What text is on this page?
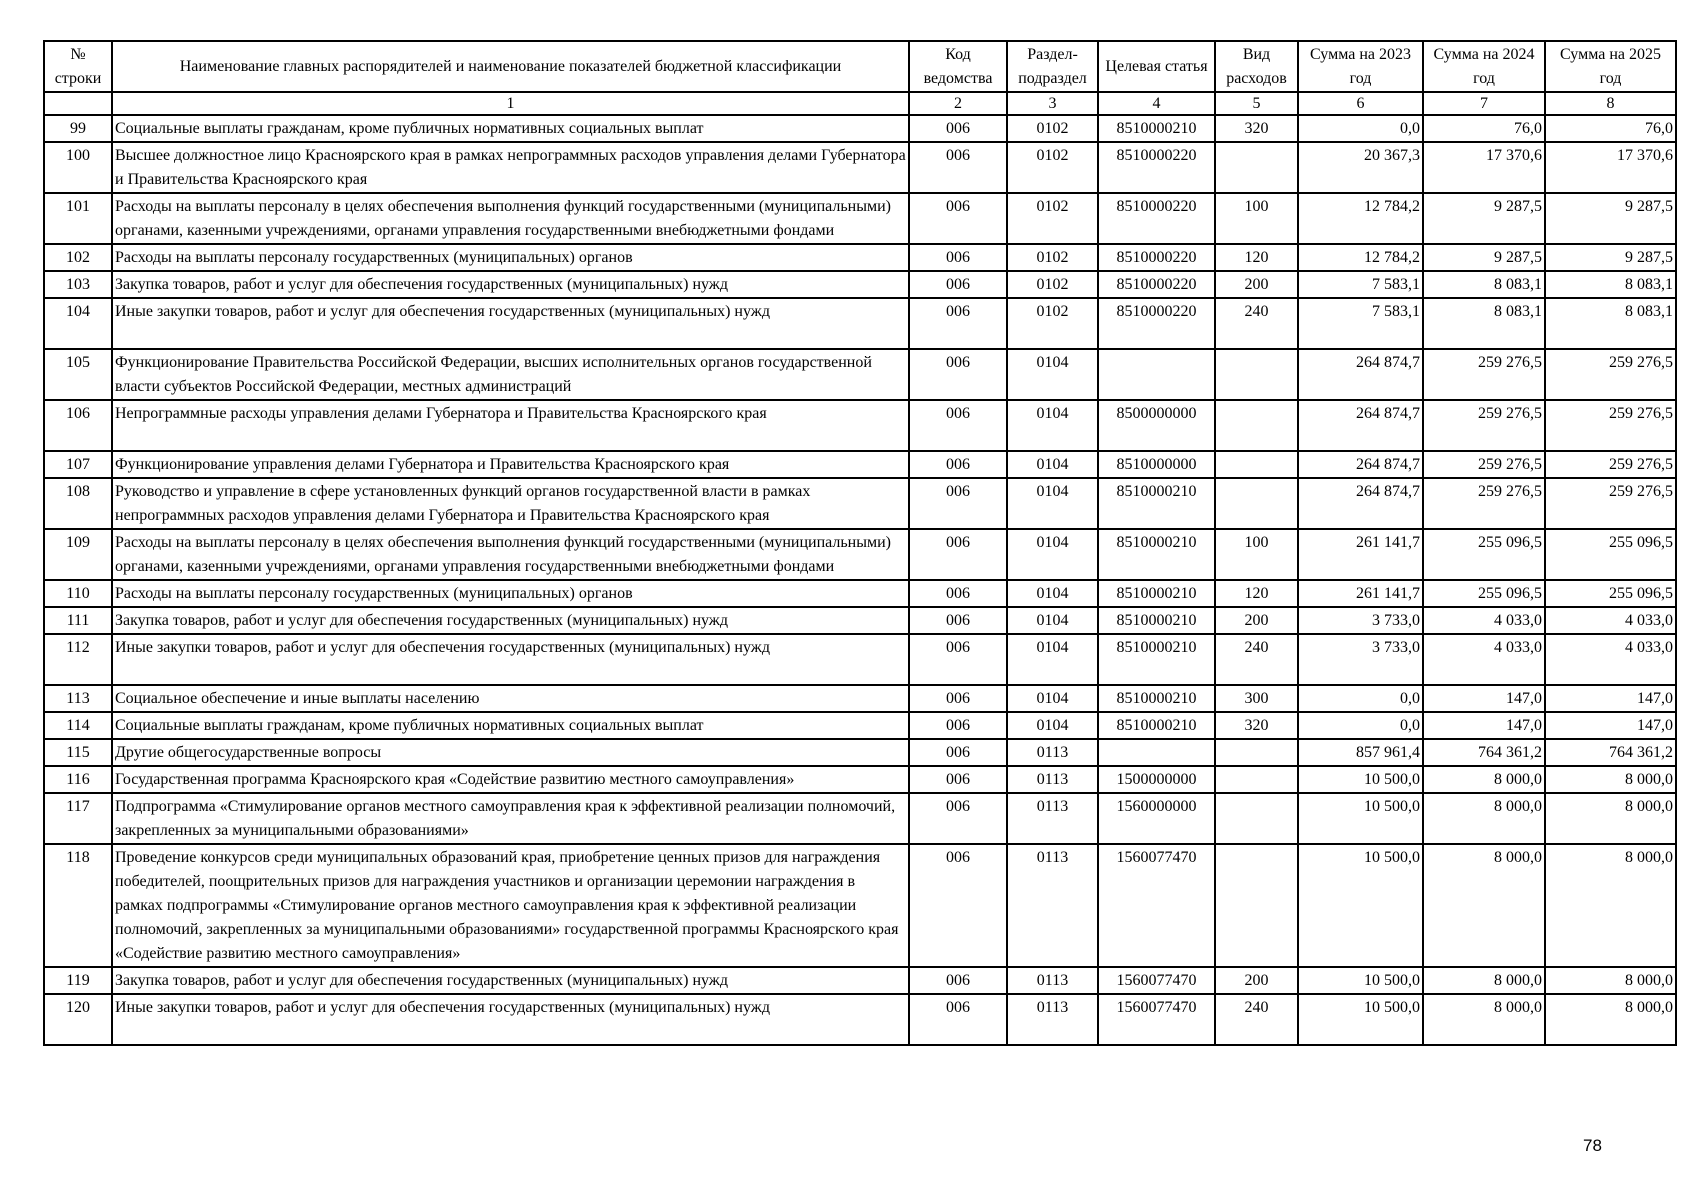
№ строки	Наименование главных распорядителей и наименование показателей бюджетной классификации	Код ведомства	Раздел-подраздел	Целевая статья	Вид расходов	Сумма на 2023 год	Сумма на 2024 год	Сумма на 2025 год
	1	2	3	4	5	6	7	8
99	Социальные выплаты гражданам, кроме публичных нормативных социальных выплат	006	0102	8510000210	320	0,0	76,0	76,0
100	Высшее должностное лицо Красноярского края в рамках непрограммных расходов управления делами Губернатора и Правительства Красноярского края	006	0102	8510000220		20 367,3	17 370,6	17 370,6
101	Расходы на выплаты персоналу в целях обеспечения выполнения функций государственными (муниципальными) органами, казенными учреждениями, органами управления государственными внебюджетными фондами	006	0102	8510000220	100	12 784,2	9 287,5	9 287,5
102	Расходы на выплаты персоналу государственных (муниципальных) органов	006	0102	8510000220	120	12 784,2	9 287,5	9 287,5
103	Закупка товаров, работ и услуг для обеспечения государственных (муниципальных) нужд	006	0102	8510000220	200	7 583,1	8 083,1	8 083,1
104	Иные закупки товаров, работ и услуг для обеспечения государственных (муниципальных) нужд	006	0102	8510000220	240	7 583,1	8 083,1	8 083,1
105	Функционирование Правительства Российской Федерации, высших исполнительных органов государственной власти субъектов Российской Федерации, местных администраций	006	0104			264 874,7	259 276,5	259 276,5
106	Непрограммные расходы управления делами Губернатора и Правительства Красноярского края	006	0104	8500000000		264 874,7	259 276,5	259 276,5
107	Функционирование управления делами Губернатора и Правительства Красноярского края	006	0104	8510000000		264 874,7	259 276,5	259 276,5
108	Руководство и управление в сфере установленных функций органов государственной власти в рамках непрограммных расходов управления делами Губернатора и Правительства Красноярского края	006	0104	8510000210		264 874,7	259 276,5	259 276,5
109	Расходы на выплаты персоналу в целях обеспечения выполнения функций государственными (муниципальными) органами, казенными учреждениями, органами управления государственными внебюджетными фондами	006	0104	8510000210	100	261 141,7	255 096,5	255 096,5
110	Расходы на выплаты персоналу государственных (муниципальных) органов	006	0104	8510000210	120	261 141,7	255 096,5	255 096,5
111	Закупка товаров, работ и услуг для обеспечения государственных (муниципальных) нужд	006	0104	8510000210	200	3 733,0	4 033,0	4 033,0
112	Иные закупки товаров, работ и услуг для обеспечения государственных (муниципальных) нужд	006	0104	8510000210	240	3 733,0	4 033,0	4 033,0
113	Социальное обеспечение и иные выплаты населению	006	0104	8510000210	300	0,0	147,0	147,0
114	Социальные выплаты гражданам, кроме публичных нормативных социальных выплат	006	0104	8510000210	320	0,0	147,0	147,0
115	Другие общегосударственные вопросы	006	0113			857 961,4	764 361,2	764 361,2
116	Государственная программа Красноярского края «Содействие развитию местного самоуправления»	006	0113	1500000000		10 500,0	8 000,0	8 000,0
117	Подпрограмма «Стимулирование органов местного самоуправления края к эффективной реализации полномочий, закрепленных за муниципальными образованиями»	006	0113	1560000000		10 500,0	8 000,0	8 000,0
118	Проведение конкурсов среди муниципальных образований края, приобретение ценных призов для награждения победителей, поощрительных призов для награждения участников и организации церемонии награждения в рамках подпрограммы «Стимулирование органов местного самоуправления края к эффективной реализации полномочий, закрепленных за муниципальными образованиями» государственной программы Красноярского края «Содействие развитию местного самоуправления»	006	0113	1560077470		10 500,0	8 000,0	8 000,0
119	Закупка товаров, работ и услуг для обеспечения государственных (муниципальных) нужд	006	0113	1560077470	200	10 500,0	8 000,0	8 000,0
120	Иные закупки товаров, работ и услуг для обеспечения государственных (муниципальных) нужд	006	0113	1560077470	240	10 500,0	8 000,0	8 000,0
78
